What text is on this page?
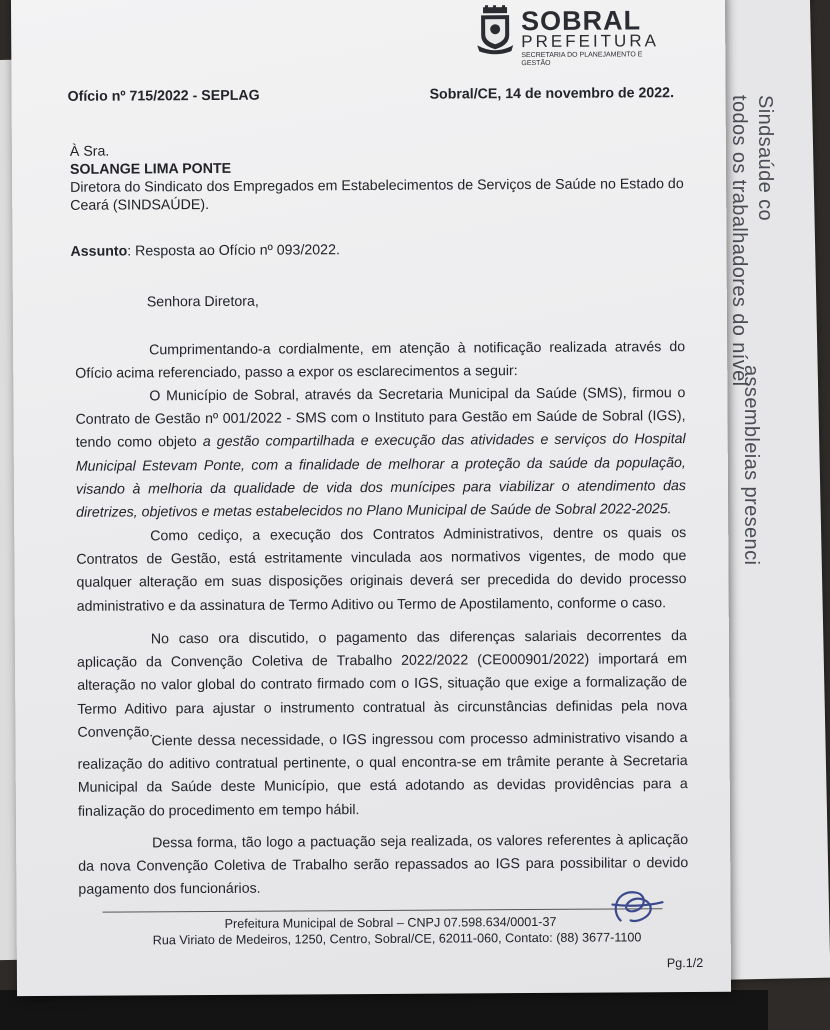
Sindsaúde co
todos os trabalhadores do nível
assembleias presenci
SOBRAL
PREFEITURA
SECRETARIA DO PLANEJAMENTO E GESTÃO
Ofício nº 715/2022 - SEPLAG	Sobral/CE, 14 de novembro de 2022.
À Sra.
SOLANGE LIMA PONTE
Diretora do Sindicato dos Empregados em Estabelecimentos de Serviços de Saúde no Estado do
Ceará (SINDSAÚDE).
Assunto: Resposta ao Ofício nº 093/2022.
Senhora Diretora,
Cumprimentando-a cordialmente, em atenção à notificação realizada através do Ofício acima referenciado, passo a expor os esclarecimentos a seguir:
O Município de Sobral, através da Secretaria Municipal da Saúde (SMS), firmou o Contrato de Gestão nº 001/2022 - SMS com o Instituto para Gestão em Saúde de Sobral (IGS), tendo como objeto a gestão compartilhada e execução das atividades e serviços do Hospital Municipal Estevam Ponte, com a finalidade de melhorar a proteção da saúde da população, visando à melhoria da qualidade de vida dos munícipes para viabilizar o atendimento das diretrizes, objetivos e metas estabelecidos no Plano Municipal de Saúde de Sobral 2022-2025.
Como cediço, a execução dos Contratos Administrativos, dentre os quais os Contratos de Gestão, está estritamente vinculada aos normativos vigentes, de modo que qualquer alteração em suas disposições originais deverá ser precedida do devido processo administrativo e da assinatura de Termo Aditivo ou Termo de Apostilamento, conforme o caso.
No caso ora discutido, o pagamento das diferenças salariais decorrentes da aplicação da Convenção Coletiva de Trabalho 2022/2022 (CE000901/2022) importará em alteração no valor global do contrato firmado com o IGS, situação que exige a formalização de Termo Aditivo para ajustar o instrumento contratual às circunstâncias definidas pela nova Convenção.
Ciente dessa necessidade, o IGS ingressou com processo administrativo visando a realização do aditivo contratual pertinente, o qual encontra-se em trâmite perante à Secretaria Municipal da Saúde deste Município, que está adotando as devidas providências para a finalização do procedimento em tempo hábil.
Dessa forma, tão logo a pactuação seja realizada, os valores referentes à aplicação da nova Convenção Coletiva de Trabalho serão repassados ao IGS para possibilitar o devido pagamento dos funcionários.
Prefeitura Municipal de Sobral – CNPJ 07.598.634/0001-37
Rua Viriato de Medeiros, 1250, Centro, Sobral/CE, 62011-060, Contato: (88) 3677-1100
Pg.1/2
